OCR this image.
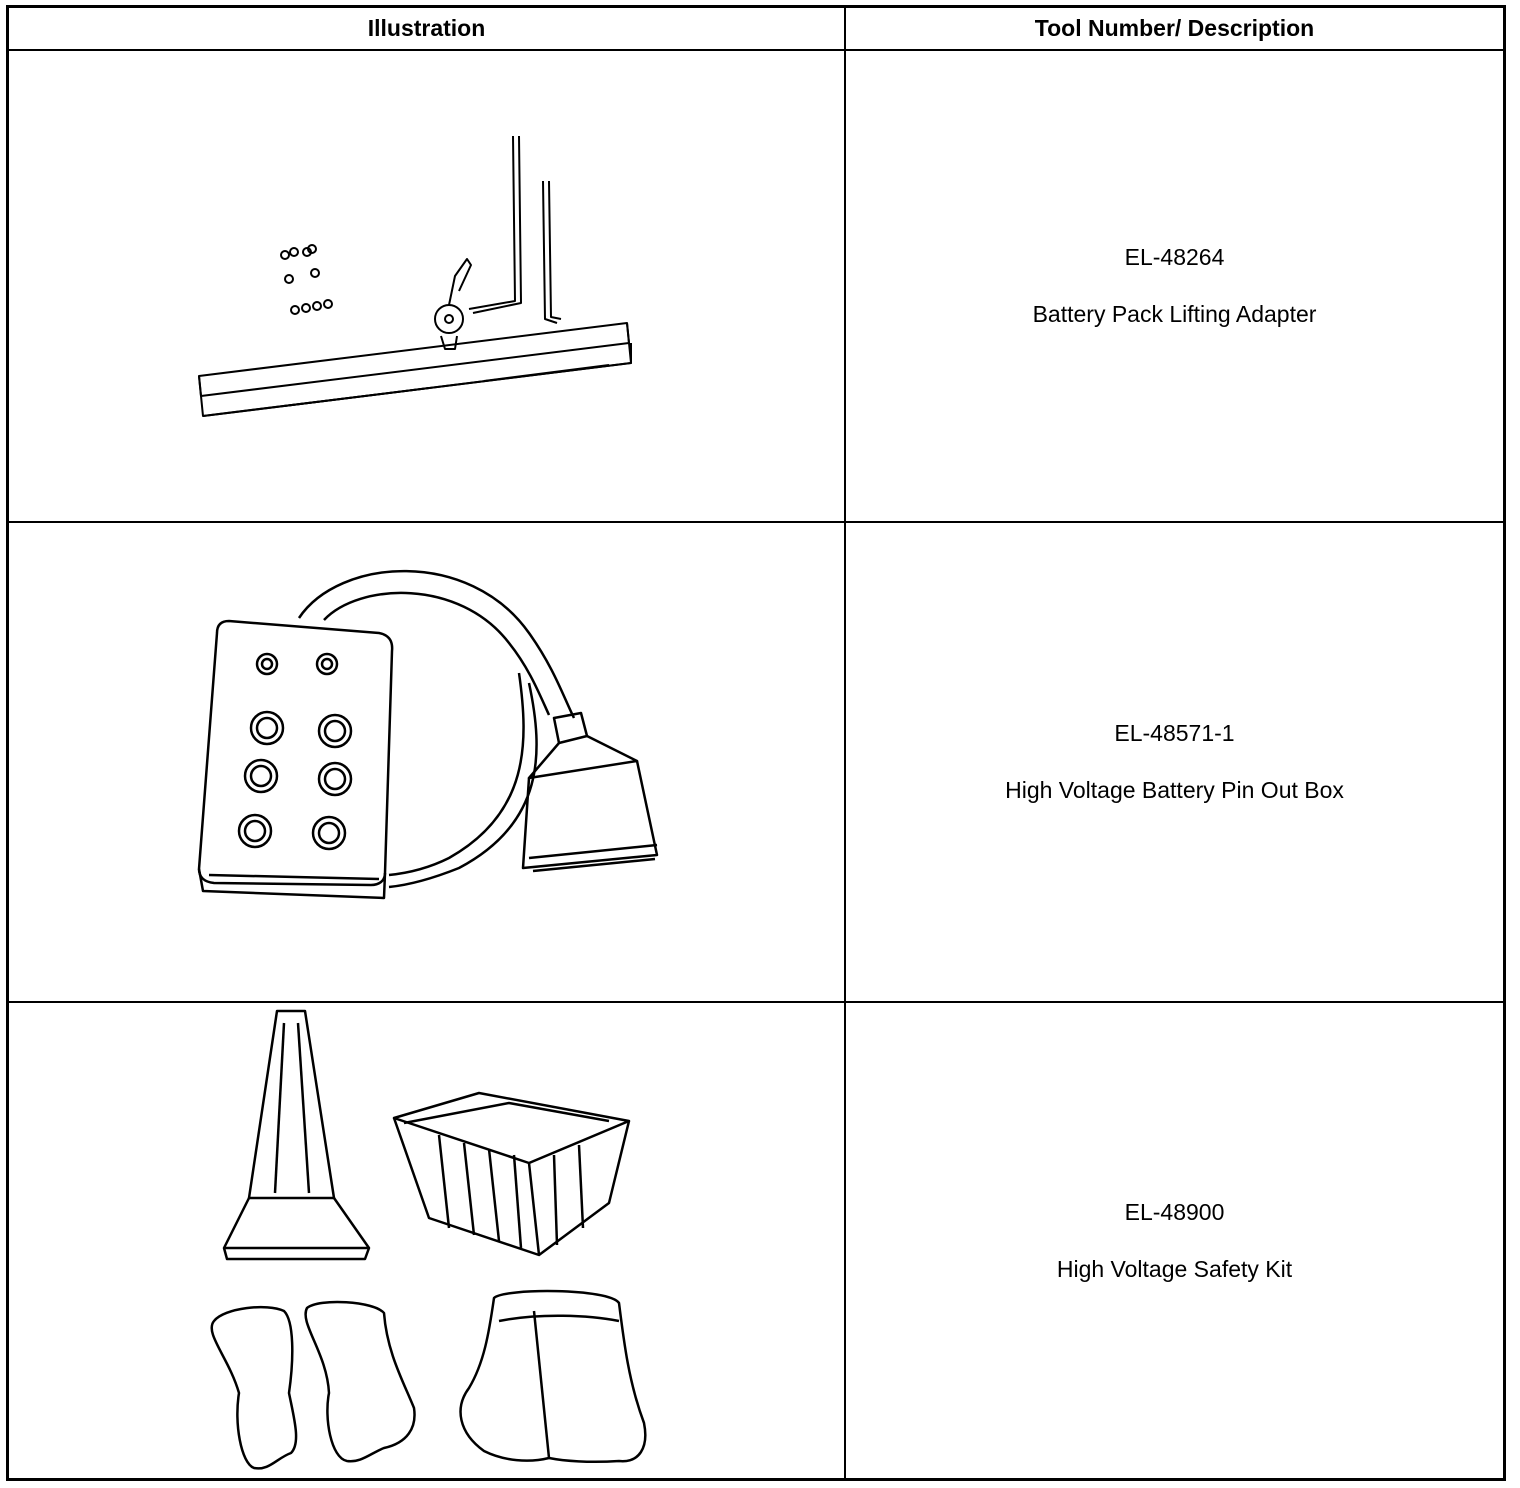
Illustration	Tool Number/ Description
EL-48264
Battery Pack Lifting Adapter
EL-48571-1
High Voltage Battery Pin Out Box
EL-48900
High Voltage Safety Kit
